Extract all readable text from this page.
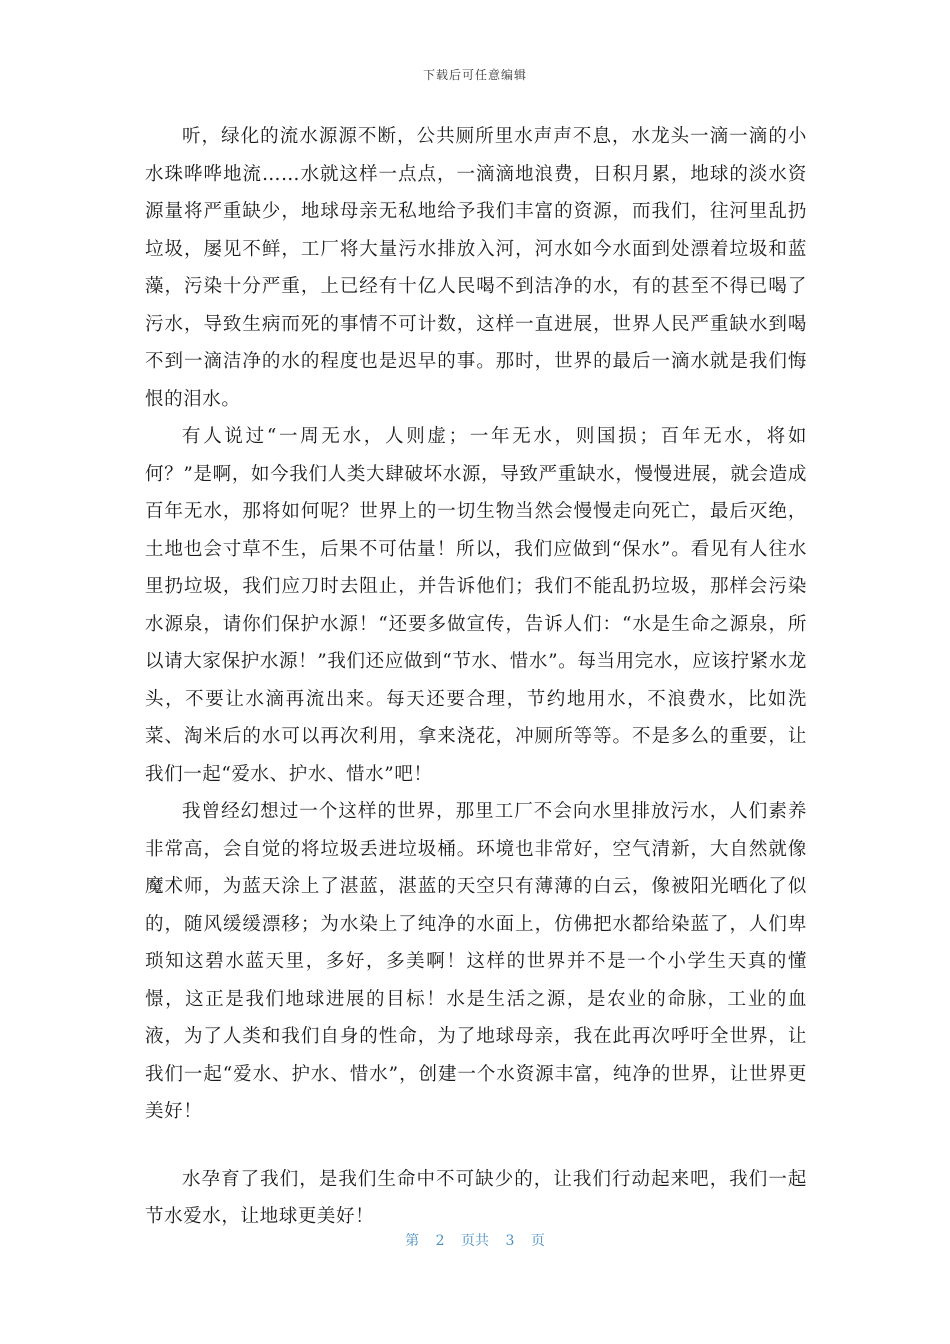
下载后可任意编辑

听，绿化的流水源源不断，公共厕所里水声声不息，水龙头一滴一滴的小水珠哗哗地流……水就这样一点点，一滴滴地浪费，日积月累，地球的淡水资源量将严重缺少，地球母亲无私地给予我们丰富的资源，而我们，往河里乱扔垃圾，屡见不鲜，工厂将大量污水排放入河，河水如今水面到处漂着垃圾和蓝藻，污染十分严重，上已经有十亿人民喝不到洁净的水，有的甚至不得已喝了污水，导致生病而死的事情不可计数，这样一直进展，世界人民严重缺水到喝不到一滴洁净的水的程度也是迟早的事。那时，世界的最后一滴水就是我们悔恨的泪水。

有人说过“一周无水，人则虚；一年无水，则国损；百年无水，将如何？”是啊，如今我们人类大肆破坏水源，导致严重缺水，慢慢进展，就会造成百年无水，那将如何呢？世界上的一切生物当然会慢慢走向死亡，最后灭绝，土地也会寸草不生，后果不可估量！所以，我们应做到“保水”。看见有人往水里扔垃圾，我们应刀时去阻止，并告诉他们；我们不能乱扔垃圾，那样会污染水源泉，请你们保护水源！“还要多做宣传，告诉人们：“水是生命之源泉，所以请大家保护水源！”我们还应做到“节水、惜水”。每当用完水，应该拧紧水龙头，不要让水滴再流出来。每天还要合理，节约地用水，不浪费水，比如洗菜、淘米后的水可以再次利用，拿来浇花，冲厕所等等。不是多么的重要，让我们一起“爱水、护水、惜水”吧！

我曾经幻想过一个这样的世界，那里工厂不会向水里排放污水，人们素养非常高，会自觉的将垃圾丢进垃圾桶。环境也非常好，空气清新，大自然就像魔术师，为蓝天涂上了湛蓝，湛蓝的天空只有薄薄的白云，像被阳光晒化了似的，随风缓缓漂移；为水染上了纯净的水面上，仿佛把水都给染蓝了，人们卑琐知这碧水蓝天里，多好，多美啊！这样的世界并不是一个小学生天真的懂憬，这正是我们地球进展的目标！水是生活之源，是农业的命脉，工业的血液，为了人类和我们自身的性命，为了地球母亲，我在此再次呼吁全世界，让我们一起“爱水、护水、惜水”，创建一个水资源丰富，纯净的世界，让世界更美好！

水孕育了我们，是我们生命中不可缺少的，让我们行动起来吧，我们一起节水爱水，让地球更美好！

第 2 页共 3 页
